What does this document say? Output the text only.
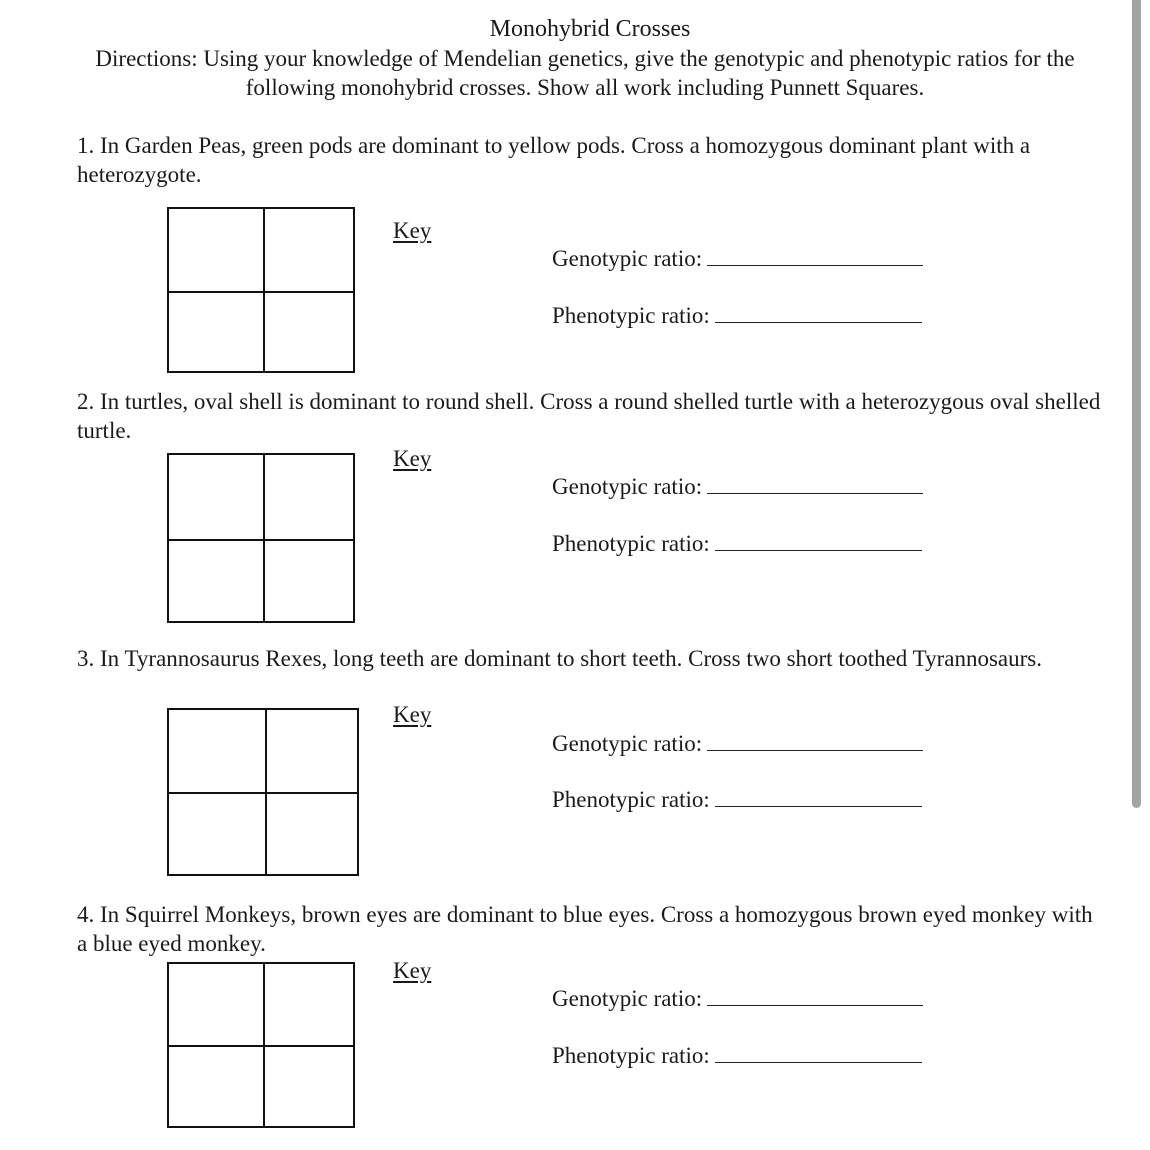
Monohybrid Crosses
Directions: Using your knowledge of Mendelian genetics, give the genotypic and phenotypic ratios for the following monohybrid crosses. Show all work including Punnett Squares.
1. In Garden Peas, green pods are dominant to yellow pods. Cross a homozygous dominant plant with a heterozygote.
Key
Genotypic ratio:
Phenotypic ratio:
2. In turtles, oval shell is dominant to round shell. Cross a round shelled turtle with a heterozygous oval shelled turtle.
Key
Genotypic ratio:
Phenotypic ratio:
3. In Tyrannosaurus Rexes, long teeth are dominant to short teeth. Cross two short toothed Tyrannosaurs.
Key
Genotypic ratio:
Phenotypic ratio:
4. In Squirrel Monkeys, brown eyes are dominant to blue eyes. Cross a homozygous brown eyed monkey with a blue eyed monkey.
Key
Genotypic ratio:
Phenotypic ratio:
